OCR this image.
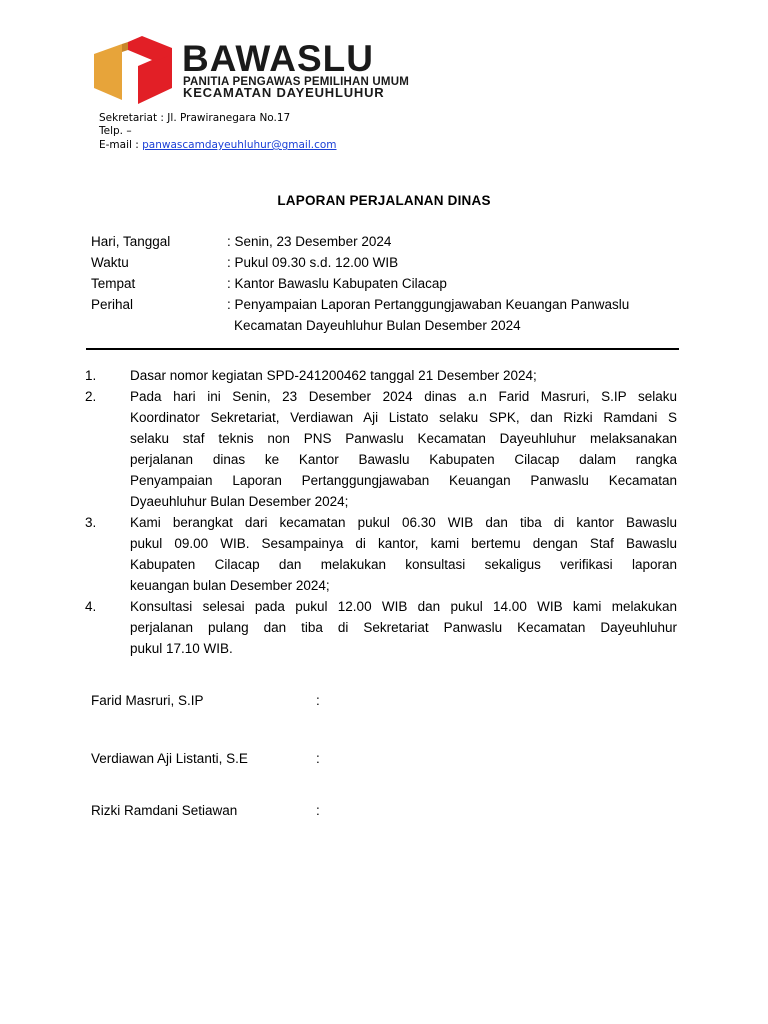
BAWASLU
PANITIA PENGAWAS PEMILIHAN UMUM
KECAMATAN DAYEUHLUHUR
Sekretariat : Jl. Prawiranegara No.17
Telp. –
E-mail : panwascamdayeuhluhur@gmail.com
LAPORAN PERJALANAN DINAS
Hari, Tanggal	: Senin, 23 Desember 2024
Waktu	: Pukul 09.30 s.d. 12.00 WIB
Tempat	: Kantor Bawaslu Kabupaten Cilacap
Perihal	: Penyampaian Laporan Pertanggungjawaban Keuangan Panwaslu
Kecamatan Dayeuhluhur Bulan Desember 2024
1. Dasar nomor kegiatan SPD-241200462 tanggal 21 Desember 2024;
2. Pada hari ini Senin, 23 Desember 2024 dinas a.n Farid Masruri, S.IP selaku
Koordinator Sekretariat, Verdiawan Aji Listato selaku SPK, dan Rizki Ramdani S
selaku staf teknis non PNS Panwaslu Kecamatan Dayeuhluhur melaksanakan
perjalanan dinas ke Kantor Bawaslu Kabupaten Cilacap dalam rangka
Penyampaian Laporan Pertanggungjawaban Keuangan Panwaslu Kecamatan
Dyaeuhluhur Bulan Desember 2024;
3. Kami berangkat dari kecamatan pukul 06.30 WIB dan tiba di kantor Bawaslu
pukul 09.00 WIB. Sesampainya di kantor, kami bertemu dengan Staf Bawaslu
Kabupaten Cilacap dan melakukan konsultasi sekaligus verifikasi laporan
keuangan bulan Desember 2024;
4. Konsultasi selesai pada pukul 12.00 WIB dan pukul 14.00 WIB kami melakukan
perjalanan pulang dan tiba di Sekretariat Panwaslu Kecamatan Dayeuhluhur
pukul 17.10 WIB.
Farid Masruri, S.IP	:
Verdiawan Aji Listanti, S.E	:
Rizki Ramdani Setiawan	:
